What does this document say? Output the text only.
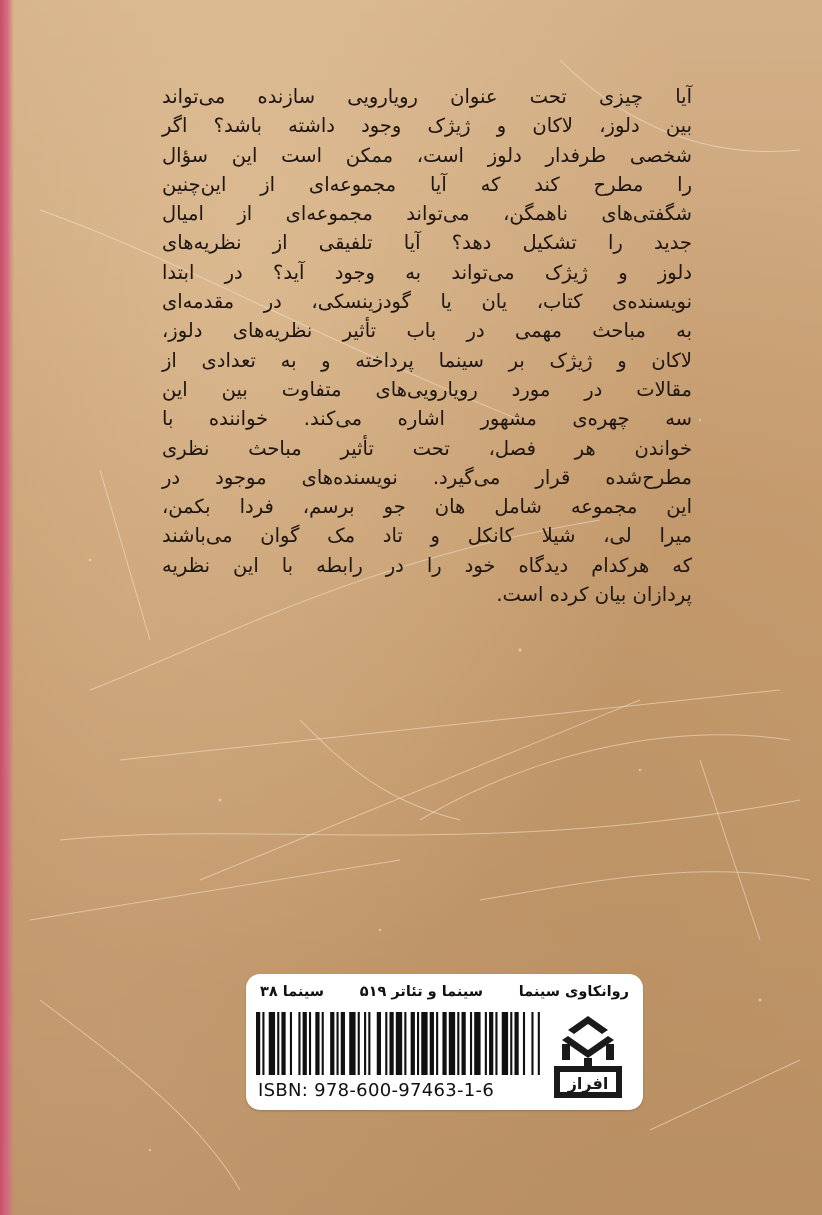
آیا چیزی تحت عنوان رویارویی سازنده می‌تواند
بین دلوز، لاکان و ژیژک وجود داشته باشد؟ اگر
شخصی طرفدار دلوز است، ممکن است این سؤال
را مطرح کند که آیا مجموعه‌ای از این‌چنین
شگفتی‌های ناهمگن، می‌تواند مجموعه‌ای از امیال
جدید را تشکیل دهد؟ آیا تلفیقی از نظریه‌های
دلوز و ژیژک می‌تواند به وجود آید؟ در ابتدا
نویسنده‌ی کتاب، یان یا گودزینسکی، در مقدمه‌ای
به مباحث مهمی در باب تأثیر نظریه‌های دلوز،
لاکان و ژیژک بر سینما پرداخته و به تعدادی از
مقالات در مورد رویارویی‌های متفاوت بین این
سه چهره‌ی مشهور اشاره می‌کند. خواننده با
خواندن هر فصل، تحت تأثیر مباحث نظری
مطرح‌شده قرار می‌گیرد. نویسنده‌های موجود در
این مجموعه شامل هان جو برسم، فردا بکمن،
میرا لی، شیلا کانکل و تاد مک گوان می‌باشند
که هرکدام دیدگاه خود را در رابطه با این نظریه
پردازان بیان کرده است.
روانکاوی سینما
سینما و تئاتر ۵۱۹
سینما ۳۸
ISBN: 978-600-97463-1-6	افراز
